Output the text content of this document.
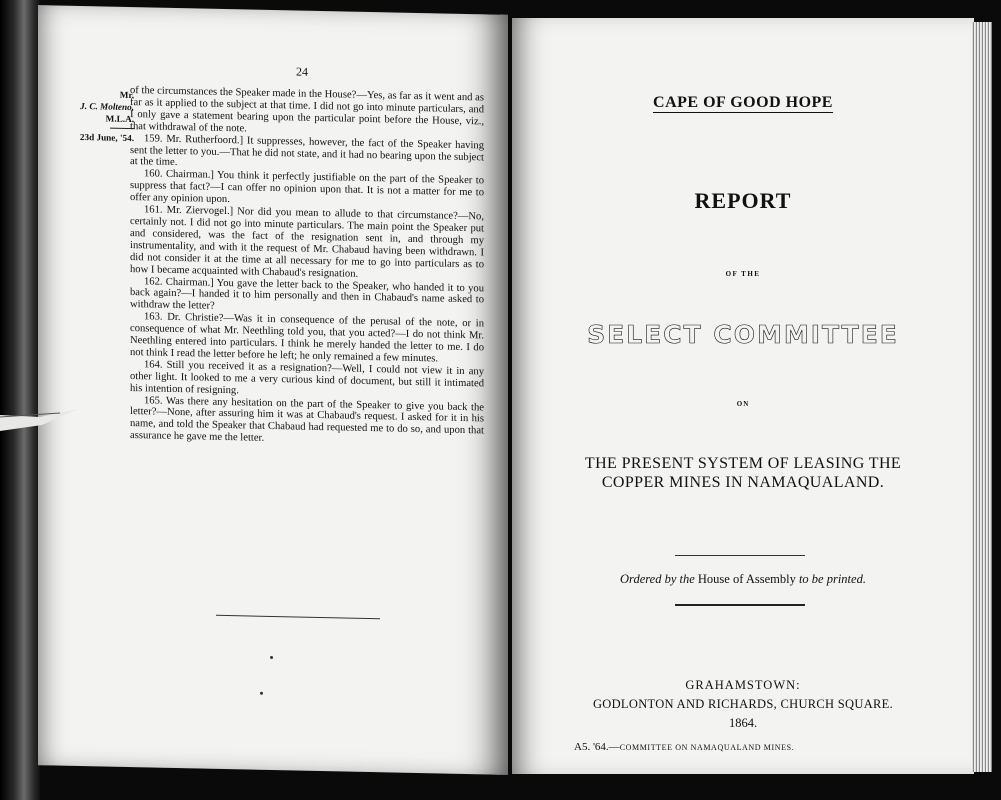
24
Mr.
J. C. Molteno,
M.L.A.
23d June, '54.

of the circumstances the Speaker made in the House?—Yes, as far as it went and as far as it applied to the subject at that time. I did not go into minute particulars, and I only gave a statement bearing upon the particular point before the House, viz., that withdrawal of the note.

159. Mr. Rutherfoord.] It suppresses, however, the fact of the Speaker having sent the letter to you.—That he did not state, and it had no bearing upon the subject at the time.

160. Chairman.] You think it perfectly justifiable on the part of the Speaker to suppress that fact?—I can offer no opinion upon that. It is not a matter for me to offer any opinion upon.

161. Mr. Ziervogel.] Nor did you mean to allude to that circumstance?—No, certainly not. I did not go into minute particulars. The main point the Speaker put and considered, was the fact of the resignation sent in, and through my instrumentality, and with it the request of Mr. Chabaud having been withdrawn. I did not consider it at the time at all necessary for me to go into particulars as to how I became acquainted with Chabaud's resignation.

162. Chairman.] You gave the letter back to the Speaker, who handed it to you back again?—I handed it to him personally and then in Chabaud's name asked to withdraw the letter?

163. Dr. Christie?—Was it in consequence of the perusal of the note, or in consequence of what Mr. Neethling told you, that you acted?—I do not think Mr. Neethling entered into particulars. I think he merely handed the letter to me. I do not think I read the letter before he left; he only remained a few minutes.

164. Still you received it as a resignation?—Well, I could not view it in any other light. It looked to me a very curious kind of document, but still it intimated his intention of resigning.

165. Was there any hesitation on the part of the Speaker to give you back the letter?—None, after assuring him it was at Chabaud's request. I asked for it in his name, and told the Speaker that Chabaud had requested me to do so, and upon that assurance he gave me the letter.

CAPE OF GOOD HOPE
REPORT
OF THE
SELECT COMMITTEE
ON
THE PRESENT SYSTEM OF LEASING THE
COPPER MINES IN NAMAQUALAND.
Ordered by the House of Assembly to be printed.
GRAHAMSTOWN:
GODLONTON AND RICHARDS, CHURCH SQUARE.
1864.
A5. '64.—COMMITTEE ON NAMAQUALAND MINES.
